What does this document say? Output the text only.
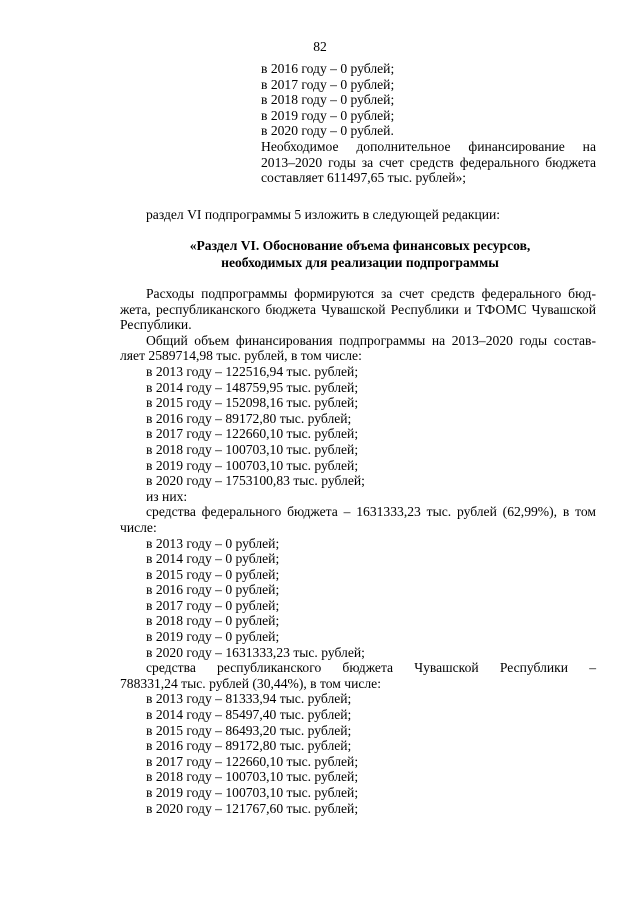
82
в 2016 году – 0 рублей;
в 2017 году – 0 рублей;
в 2018 году – 0 рублей;
в 2019 году – 0 рублей;
в 2020 году – 0 рублей.
Необходимое дополнительное финансирование на
2013–2020 годы за счет средств федерального бюджета
составляет 611497,65 тыс. рублей»;
раздел VI подпрограммы 5 изложить в следующей редакции:
«Раздел VI. Обоснование объема финансовых ресурсов,
необходимых для реализации подпрограммы
Расходы подпрограммы формируются за счет средств федерального бюд-
жета, республиканского бюджета Чувашской Республики и ТФОМС Чувашской
Республики.
Общий объем финансирования подпрограммы на 2013–2020 годы состав-
ляет 2589714,98 тыс. рублей, в том числе:
в 2013 году – 122516,94 тыс. рублей;
в 2014 году – 148759,95 тыс. рублей;
в 2015 году – 152098,16 тыс. рублей;
в 2016 году – 89172,80 тыс. рублей;
в 2017 году – 122660,10 тыс. рублей;
в 2018 году – 100703,10 тыс. рублей;
в 2019 году – 100703,10 тыс. рублей;
в 2020 году – 1753100,83 тыс. рублей;
из них:
средства федерального бюджета – 1631333,23 тыс. рублей (62,99%), в том
числе:
в 2013 году – 0 рублей;
в 2014 году – 0 рублей;
в 2015 году – 0 рублей;
в 2016 году – 0 рублей;
в 2017 году – 0 рублей;
в 2018 году – 0 рублей;
в 2019 году – 0 рублей;
в 2020 году – 1631333,23 тыс. рублей;
средства республиканского бюджета Чувашской Республики –
788331,24 тыс. рублей (30,44%), в том числе:
в 2013 году – 81333,94 тыс. рублей;
в 2014 году – 85497,40 тыс. рублей;
в 2015 году – 86493,20 тыс. рублей;
в 2016 году – 89172,80 тыс. рублей;
в 2017 году – 122660,10 тыс. рублей;
в 2018 году – 100703,10 тыс. рублей;
в 2019 году – 100703,10 тыс. рублей;
в 2020 году – 121767,60 тыс. рублей;
